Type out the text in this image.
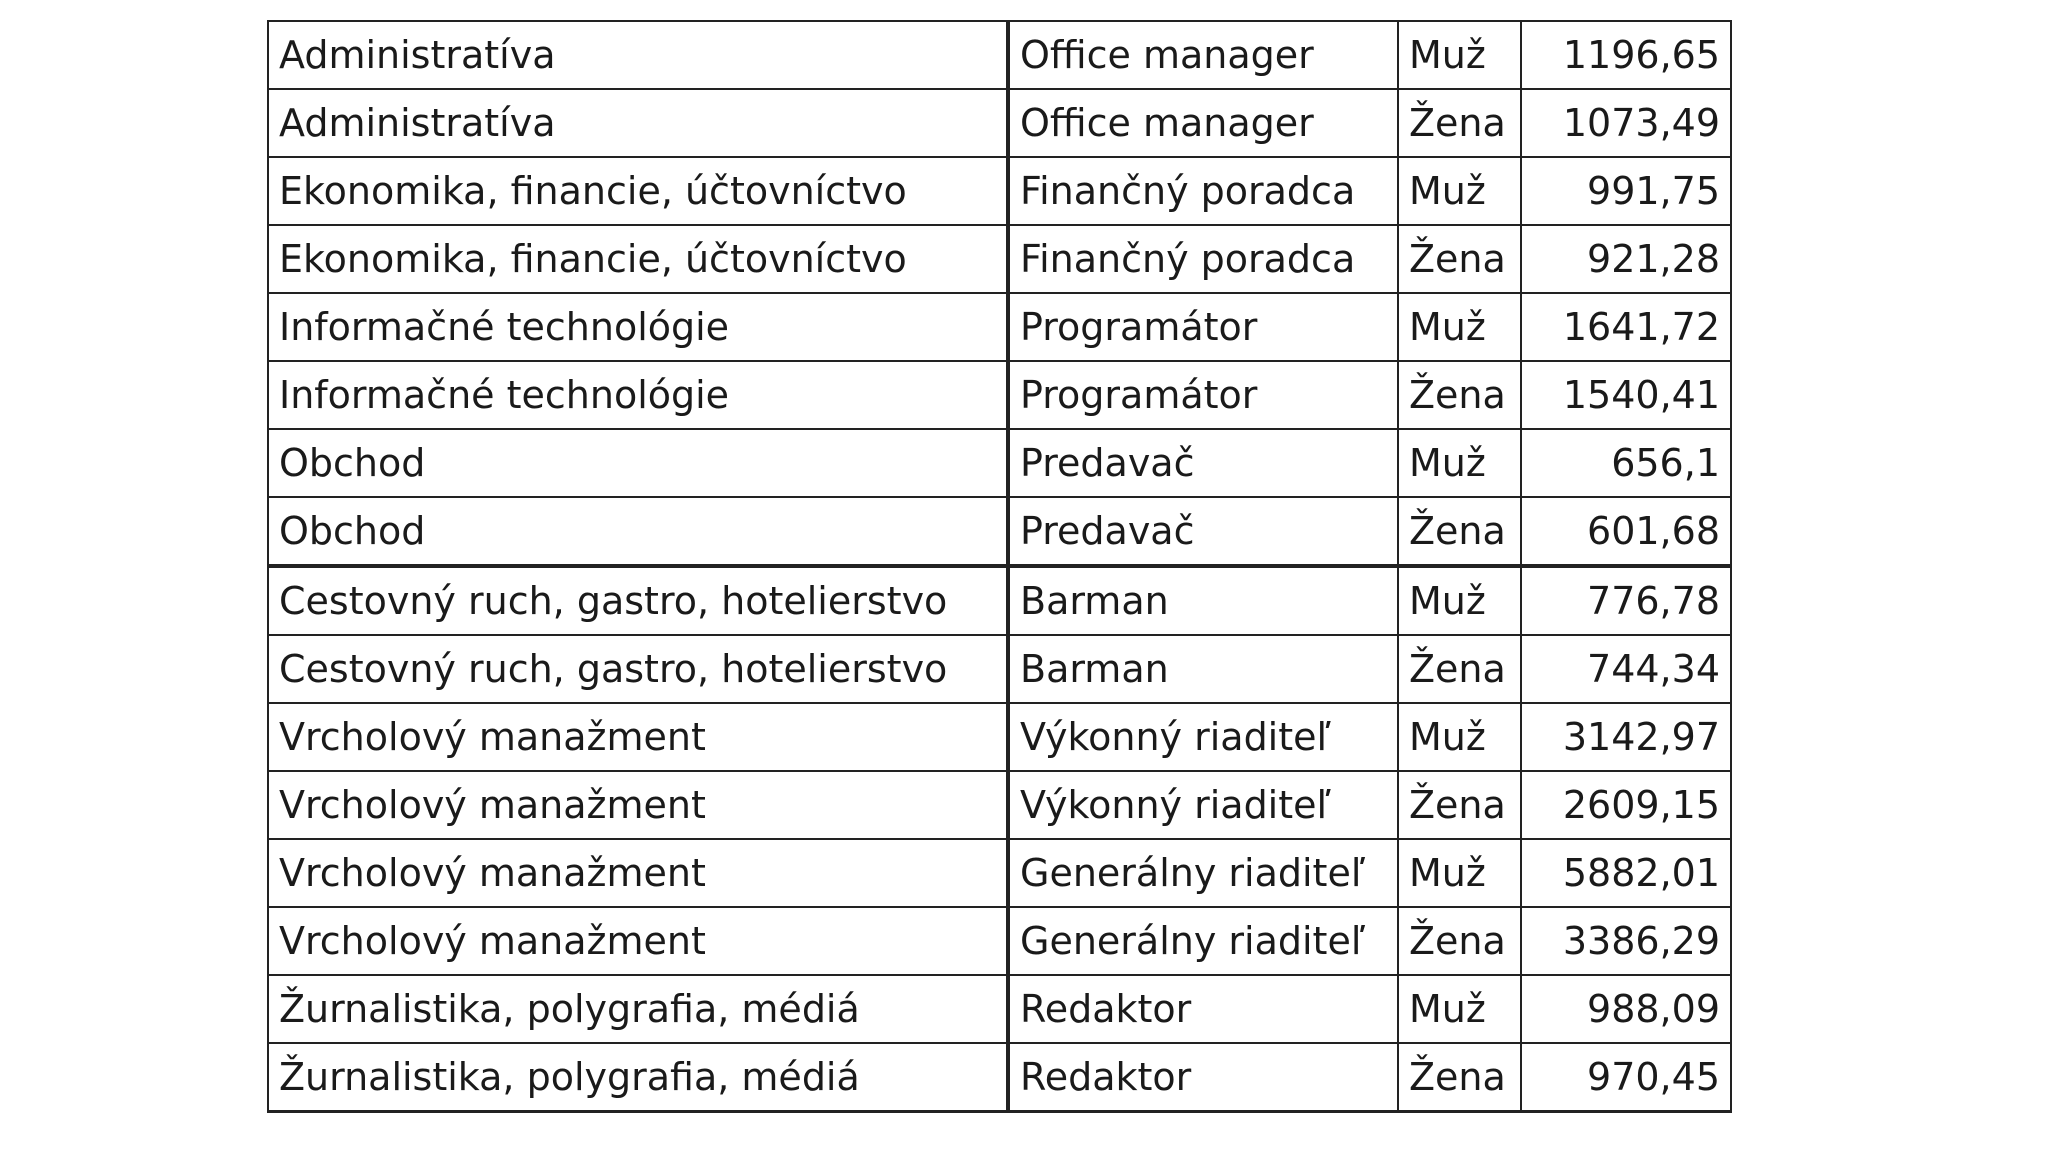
Administratíva	Office manager	Muž	1196,65
Administratíva	Office manager	Žena	1073,49
Ekonomika, financie, účtovníctvo	Finančný poradca	Muž	991,75
Ekonomika, financie, účtovníctvo	Finančný poradca	Žena	921,28
Informačné technológie	Programátor	Muž	1641,72
Informačné technológie	Programátor	Žena	1540,41
Obchod	Predavač	Muž	656,1
Obchod	Predavač	Žena	601,68
Cestovný ruch, gastro, hotelierstvo	Barman	Muž	776,78
Cestovný ruch, gastro, hotelierstvo	Barman	Žena	744,34
Vrcholový manažment	Výkonný riaditeľ	Muž	3142,97
Vrcholový manažment	Výkonný riaditeľ	Žena	2609,15
Vrcholový manažment	Generálny riaditeľ	Muž	5882,01
Vrcholový manažment	Generálny riaditeľ	Žena	3386,29
Žurnalistika, polygrafia, médiá	Redaktor	Muž	988,09
Žurnalistika, polygrafia, médiá	Redaktor	Žena	970,45
